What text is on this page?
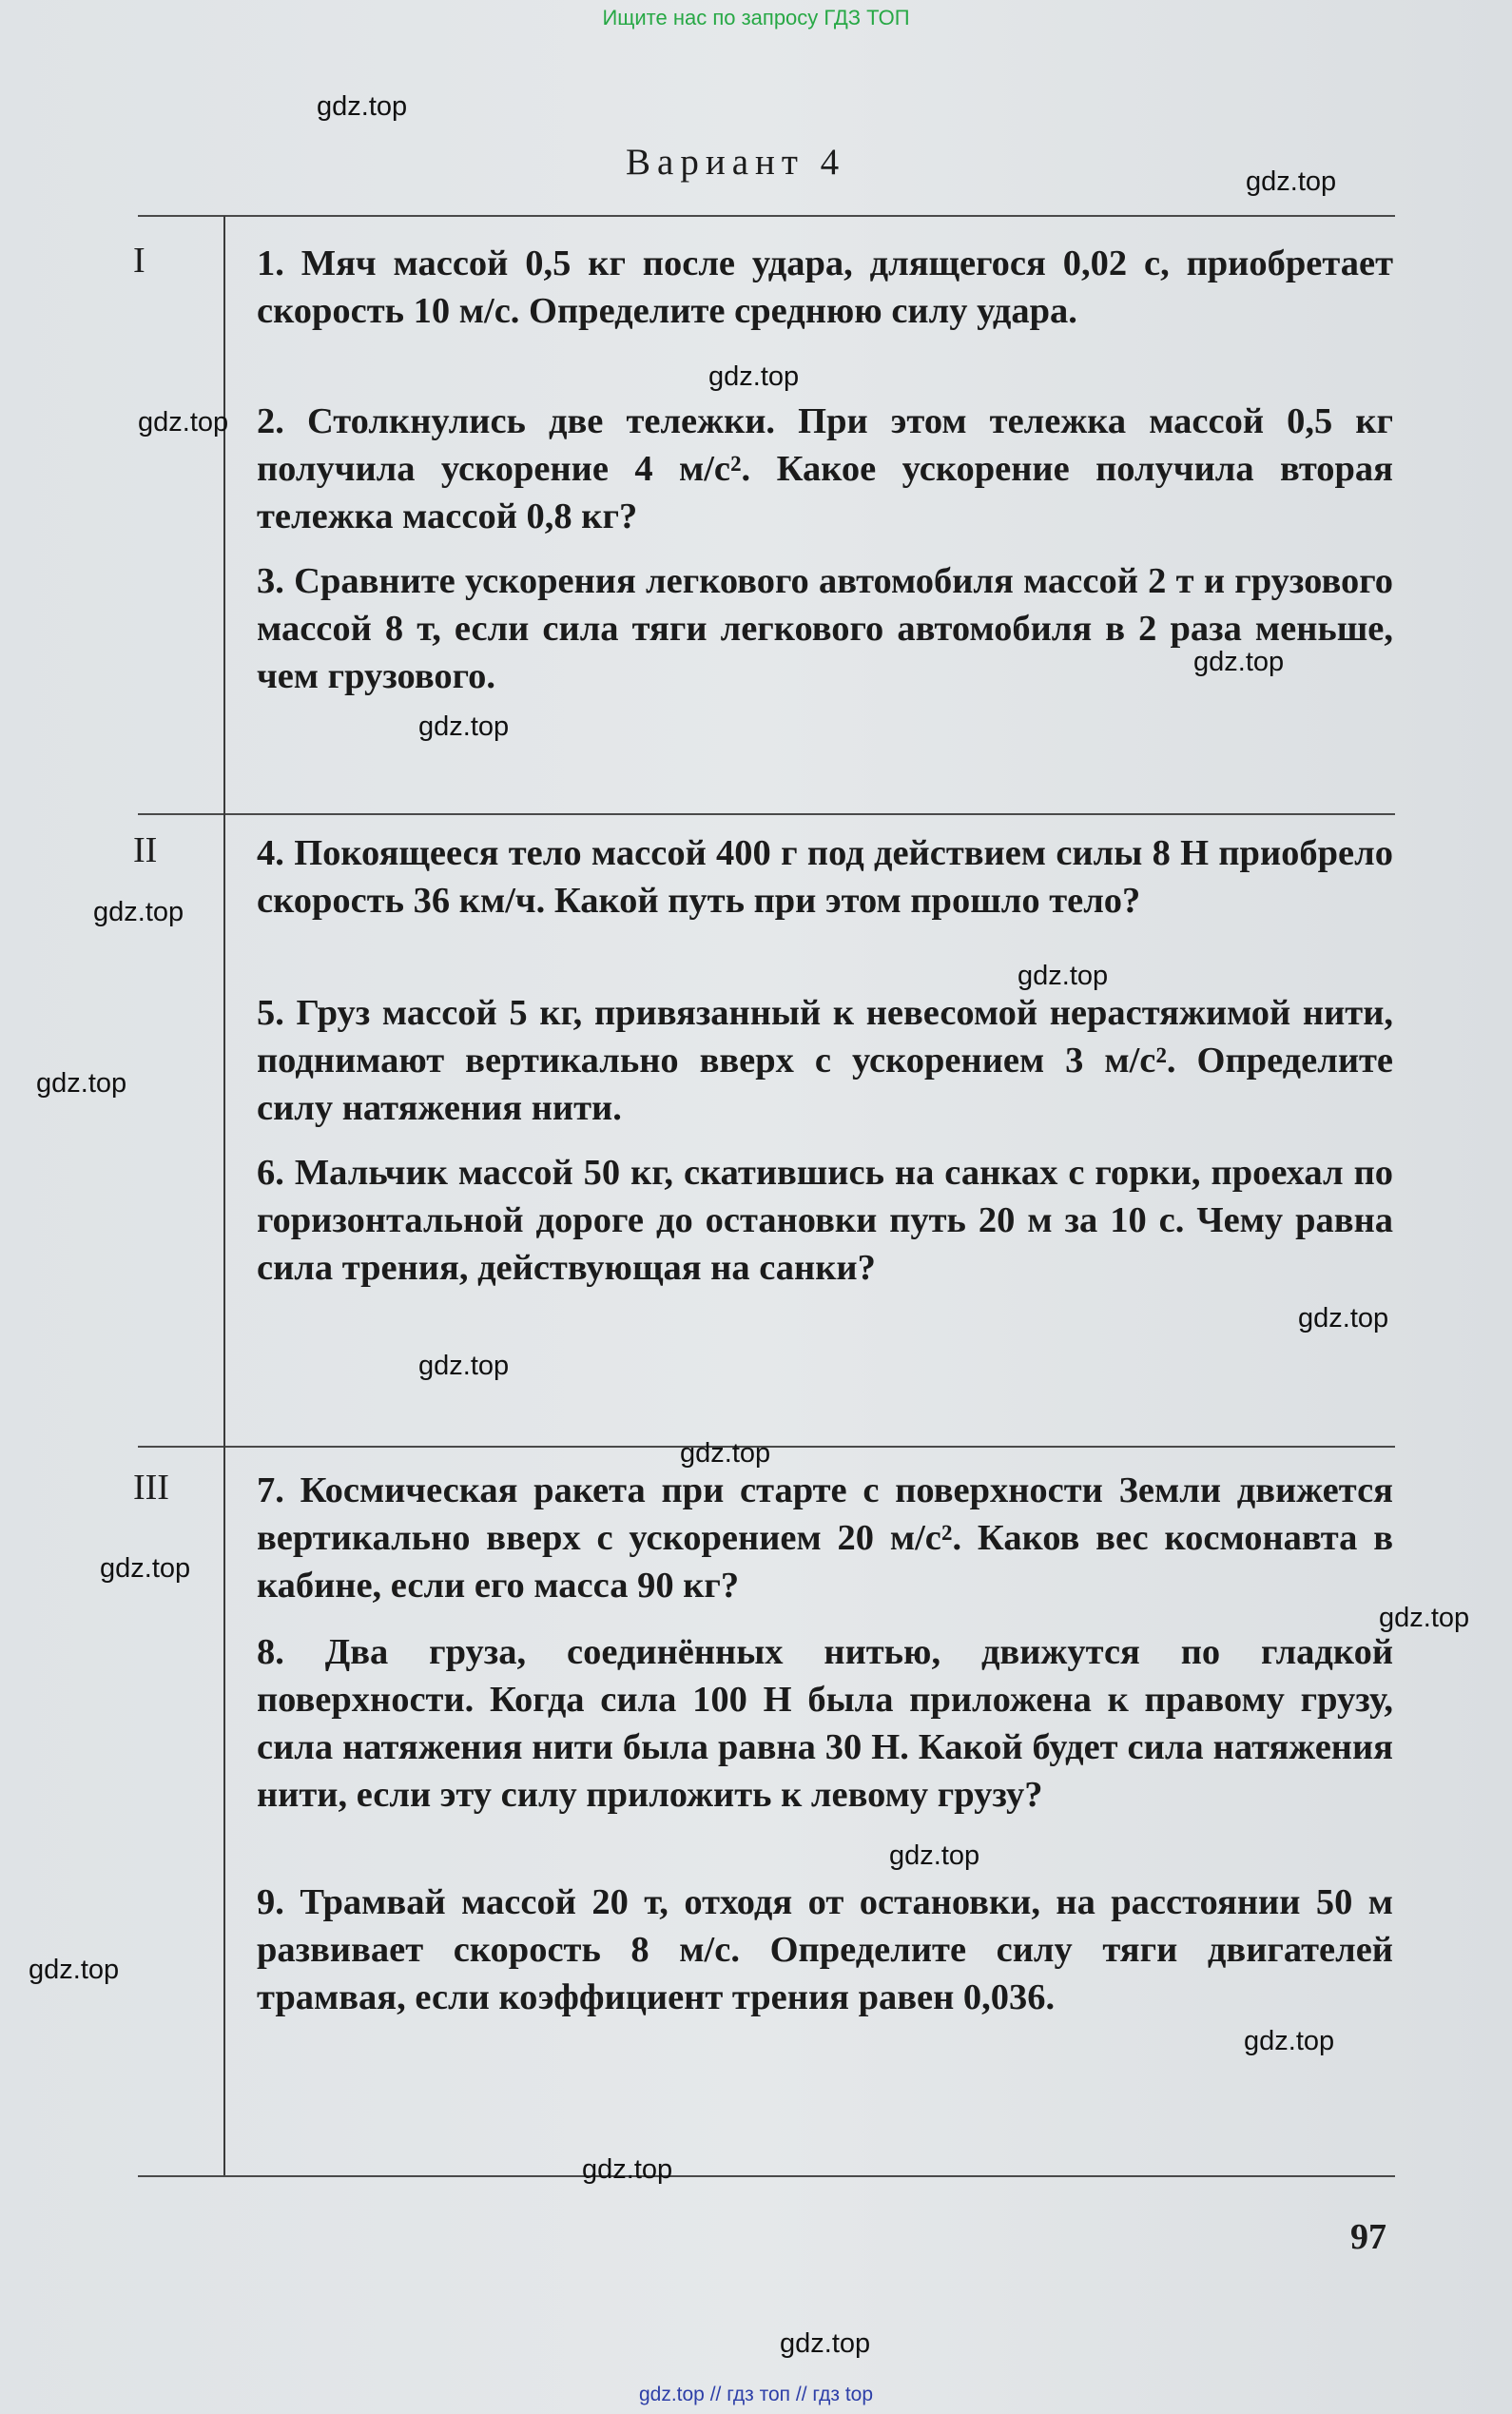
Ищите нас по запросу ГДЗ ТОП
Вариант 4
I	1. Мяч массой 0,5 кг после удара, длящегося 0,02 с, приобретает скорость 10 м/с. Определите среднюю силу удара.

2. Столкнулись две тележки. При этом тележка массой 0,5 кг получила ускорение 4 м/с². Какое ускорение получила вторая тележка массой 0,8 кг?

3. Сравните ускорения легкового автомобиля массой 2 т и грузового массой 8 т, если сила тяги легкового автомобиля в 2 раза меньше, чем грузового.

II	4. Покоящееся тело массой 400 г под действием силы 8 Н приобрело скорость 36 км/ч. Какой путь при этом прошло тело?

5. Груз массой 5 кг, привязанный к невесомой нерастяжимой нити, поднимают вертикально вверх с ускорением 3 м/с². Определите силу натяжения нити.

6. Мальчик массой 50 кг, скатившись на санках с горки, проехал по горизонтальной дороге до остановки путь 20 м за 10 с. Чему равна сила трения, действующая на санки?

III 7. Космическая ракета при старте с поверхности Земли движется вертикально вверх с ускорением 20 м/с². Каков вес космонавта в кабине, если его масса 90 кг?

8. Два груза, соединённых нитью, движутся по гладкой поверхности. Когда сила 100 Н была приложена к правому грузу, сила натяжения нити была равна 30 Н. Какой будет сила натяжения нити, если эту силу приложить к левому грузу?

9. Трамвай массой 20 т, отходя от остановки, на расстоянии 50 м развивает скорость 8 м/с. Определите силу тяги двигателей трамвая, если коэффициент трения равен 0,036.

97
gdz.top
gdz.top
gdz.top
gdz.top
gdz.top
gdz.top
gdz.top
gdz.top
gdz.top
gdz.top
gdz.top
gdz.top
gdz.top
gdz.top
gdz.top
gdz.top
gdz.top
gdz.top
gdz.top
gdz.top // гдз топ // гдз top
